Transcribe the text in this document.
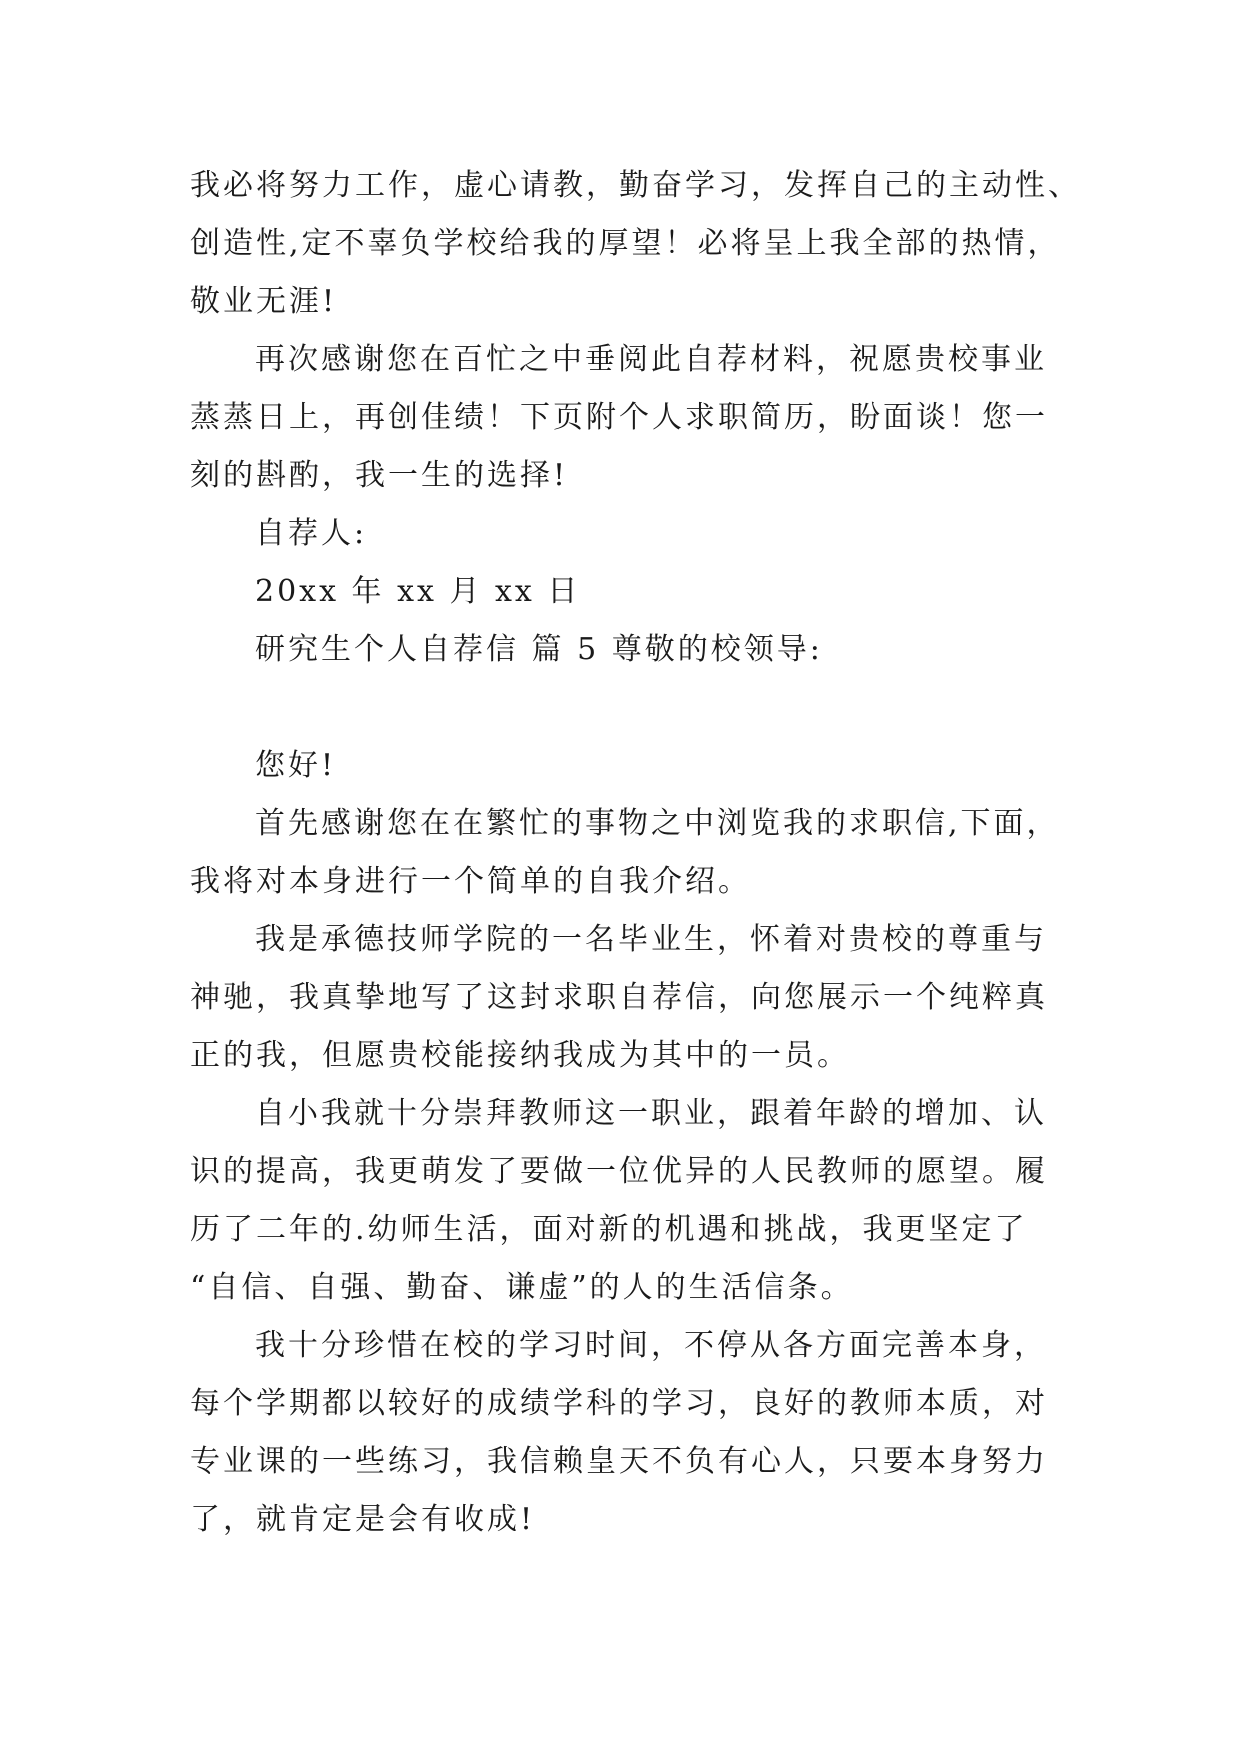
我必将努力工作，虚心请教，勤奋学习，发挥自己的主动性、

创造性,定不辜负学校给我的厚望！必将呈上我全部的热情，

敬业无涯!

再次感谢您在百忙之中垂阅此自荐材料，祝愿贵校事业

蒸蒸日上，再创佳绩！下页附个人求职简历，盼面谈！您一

刻的斟酌，我一生的选择!

自荐人:

20xx 年 xx 月 xx 日

研究生个人自荐信 篇 5 尊敬的校领导:

您好!

首先感谢您在在繁忙的事物之中浏览我的求职信,下面，

我将对本身进行一个简单的自我介绍。

我是承德技师学院的一名毕业生，怀着对贵校的尊重与

神驰，我真挚地写了这封求职自荐信，向您展示一个纯粹真

正的我，但愿贵校能接纳我成为其中的一员。

自小我就十分崇拜教师这一职业，跟着年龄的增加、认

识的提高，我更萌发了要做一位优异的人民教师的愿望。履

历了二年的.幼师生活，面对新的机遇和挑战，我更坚定了

“自信、自强、勤奋、谦虚”的人的生活信条。

我十分珍惜在校的学习时间，不停从各方面完善本身，

每个学期都以较好的成绩学科的学习，良好的教师本质，对

专业课的一些练习，我信赖皇天不负有心人，只要本身努力

了，就肯定是会有收成!
